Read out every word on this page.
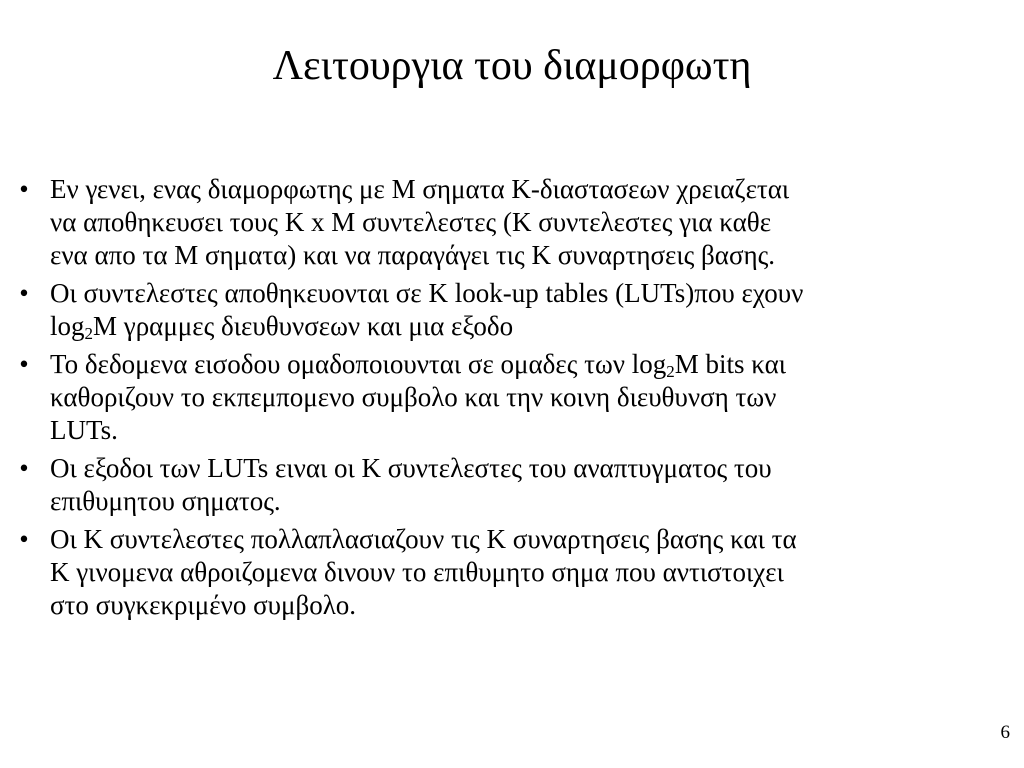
Λειτουργια του διαμορφωτη
• Εν γενει, ενας διαμορφωτης με M σηματα Κ-διαστασεων χρειαζεται
να αποθηκευσει τους Κ x M συντελεστες (Κ συντελεστες για καθε
ενα απο τα Μ σηματα) και να παραγάγει τις Κ συναρτησεις βασης.
• Οι συντελεστες αποθηκευονται σε Κ look-up tables (LUTs)που εχουν
$\log_2M$ γραμμες διευθυνσεων και μια εξοδο
• Το δεδομενα εισοδου ομαδοποιουνται σε ομαδες των $\log_2M$ bits και
καθοριζουν το εκπεμπομενο συμβολο και την κοινη διευθυνση των
LUTs.
• Οι εξοδοι των LUTs ειναι οι Κ συντελεστες του αναπτυγματος του
επιθυμητου σηματος.
• Οι Κ συντελεστες πολλαπλασιαζουν τις Κ συναρτησεις βασης και τα
Κ γινομενα αθροιζομενα δινουν το επιθυμητο σημα που αντιστοιχει
στο συγκεκριμένο συμβολο.
6
